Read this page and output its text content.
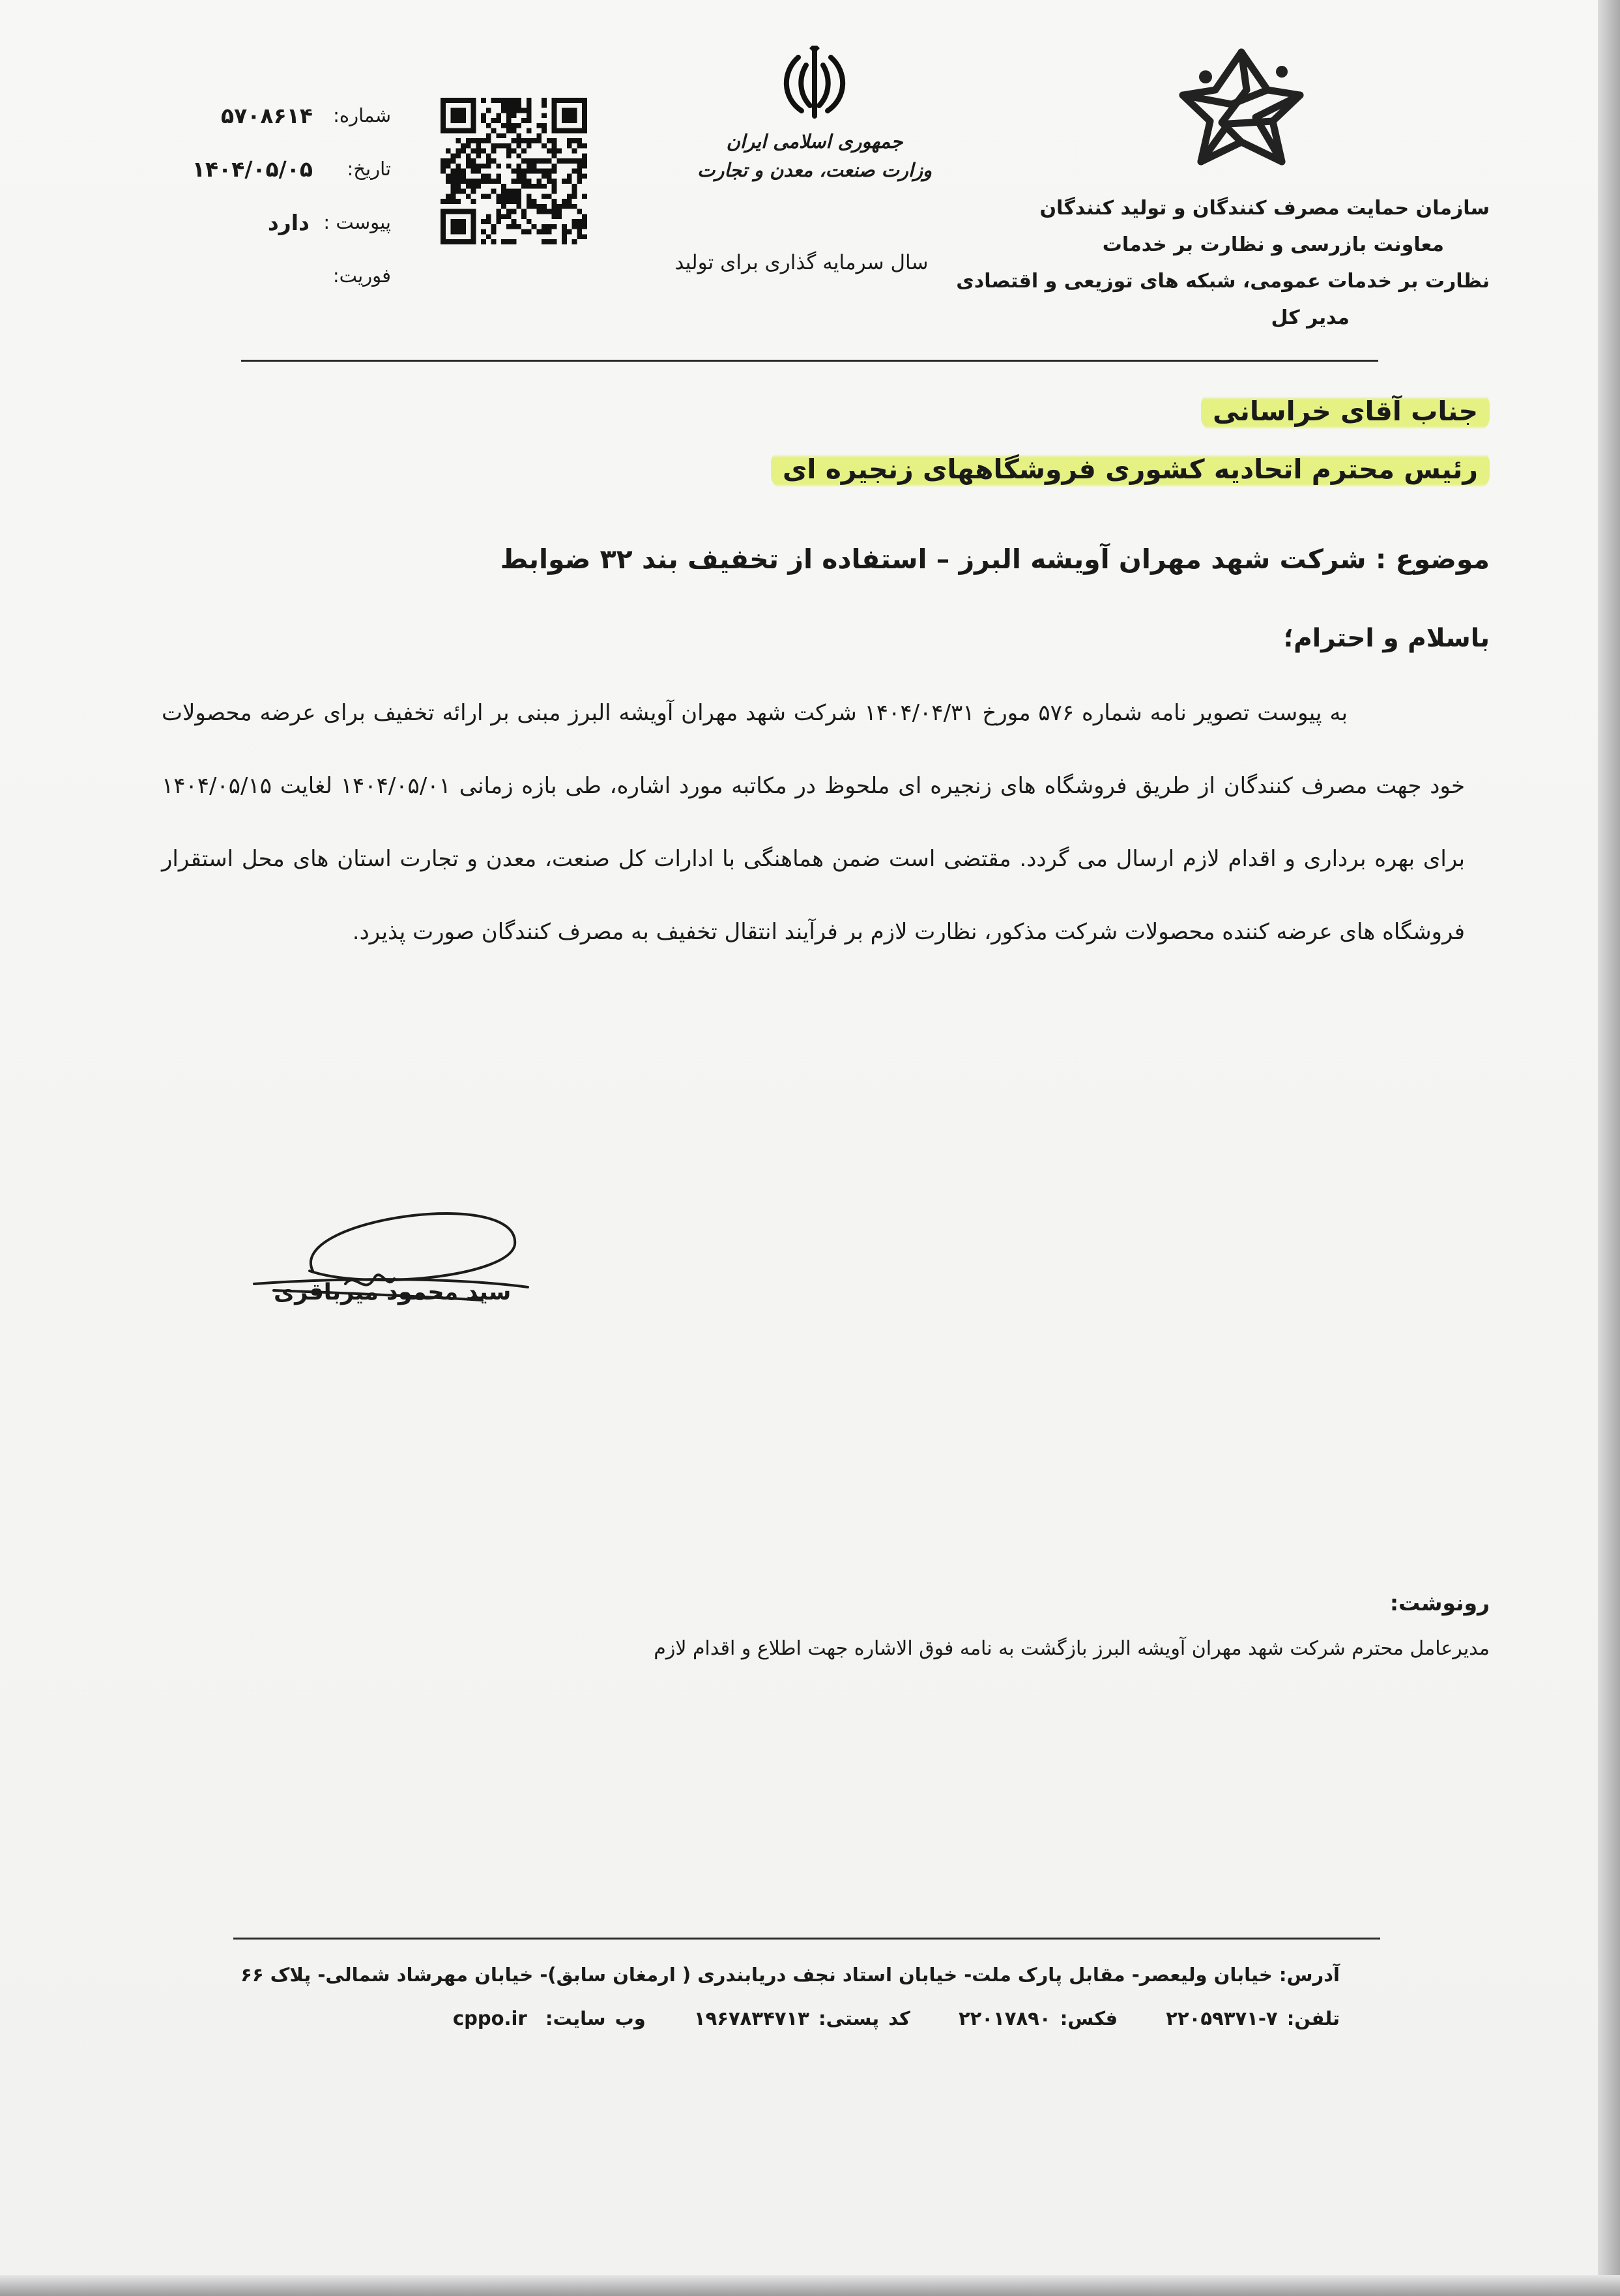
سازمان حمایت مصرف کنندگان و تولید کنندگان
معاونت بازرسی و نظارت بر خدمات
نظارت بر خدمات عمومی، شبکه های توزیعی و اقتصادی
مدیر کل
جمهوری اسلامی ایران
وزارت صنعت، معدن و تجارت
سال سرمایه گذاری برای تولید
شماره:
۵۷۰۸۶۱۴
تاریخ:
۱۴۰۴/۰۵/۰۵
پیوست :
دارد
فوریت:
جناب آقای خراسانی
رئیس محترم اتحادیه کشوری فروشگاههای زنجیره ای
موضوع : شرکت شهد مهران آویشه البرز – استفاده از تخفیف بند ۳۲ ضوابط
باسلام و احترام؛
به پیوست تصویر نامه شماره ۵۷۶ مورخ ۱۴۰۴/۰۴/۳۱ شرکت شهد مهران آویشه البرز مبنی بر ارائه تخفیف برای عرضه محصولات خود جهت مصرف کنندگان از طریق فروشگاه های زنجیره ای ملحوظ در مکاتبه مورد اشاره، طی بازه زمانی ۱۴۰۴/۰۵/۰۱ لغایت ۱۴۰۴/۰۵/۱۵ برای بهره برداری و اقدام لازم ارسال می گردد. مقتضی است ضمن هماهنگی با ادارات کل صنعت، معدن و تجارت استان های محل استقرار فروشگاه های عرضه کننده محصولات شرکت مذکور، نظارت لازم بر فرآیند انتقال تخفیف به مصرف کنندگان صورت پذیرد.
سید محمود میرباقری
رونوشت:
مدیرعامل محترم شرکت شهد مهران آویشه البرز بازگشت به نامه فوق الاشاره جهت اطلاع و اقدام لازم
آدرس: خیابان ولیعصر- مقابل پارک ملت- خیابان استاد نجف دریابندری ( ارمغان سابق)- خیابان مهرشاد شمالی- پلاک ۶۶
تلفن: ۷-۲۲۰۵۹۳۷۱ فکس: ۲۲۰۱۷۸۹۰ کد پستی: ۱۹۶۷۸۳۴۷۱۳ وب سایت: cppo.ir
